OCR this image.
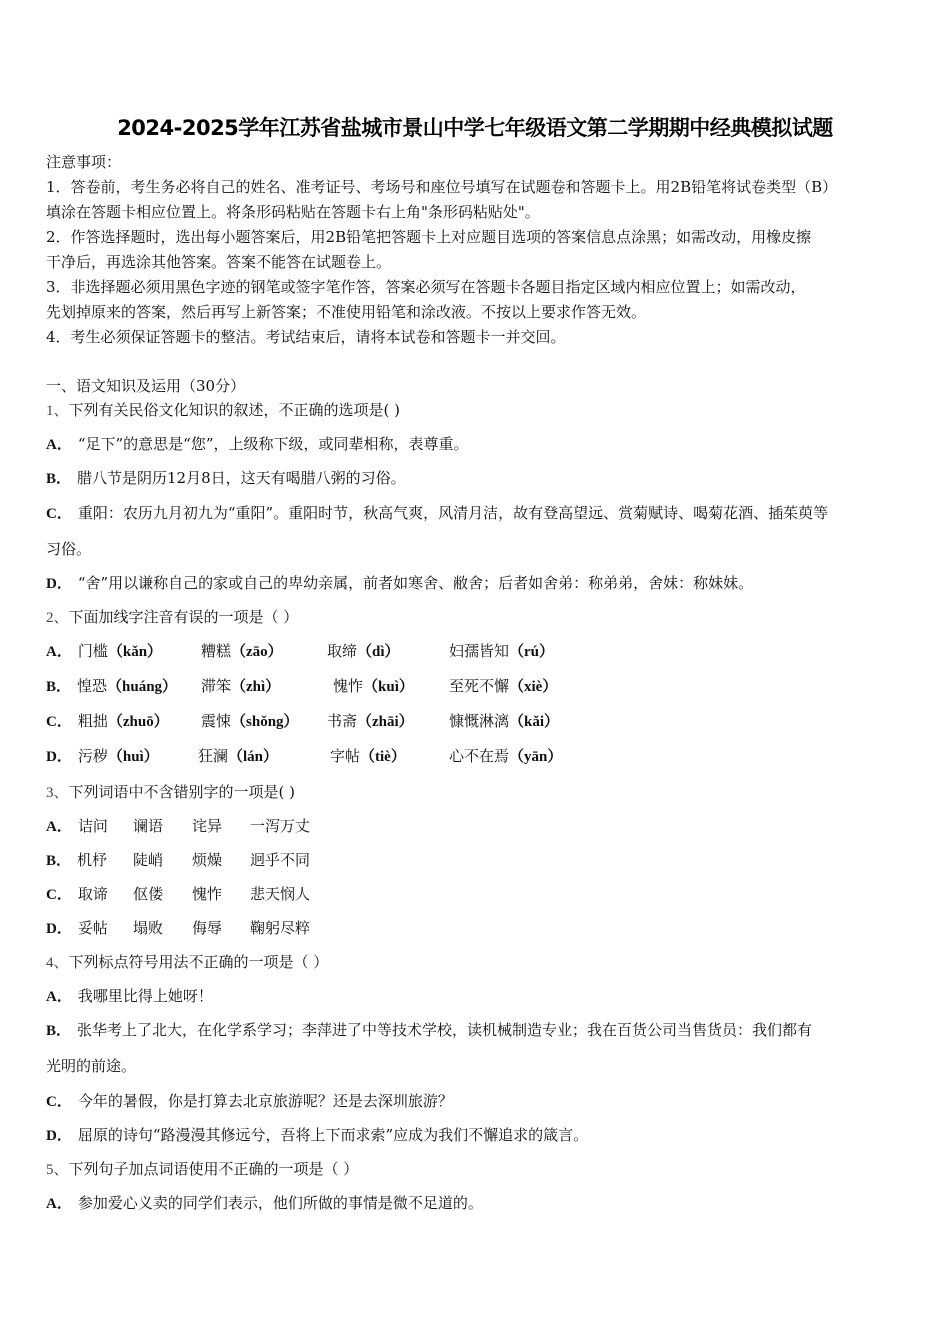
2024-2025学年江苏省盐城市景山中学七年级语文第二学期期中经典模拟试题
注意事项：
1．答卷前，考生务必将自己的姓名、准考证号、考场号和座位号填写在试题卷和答题卡上。用2B铅笔将试卷类型（B）
填涂在答题卡相应位置上。将条形码粘贴在答题卡右上角"条形码粘贴处"。
2．作答选择题时，选出每小题答案后，用2B铅笔把答题卡上对应题目选项的答案信息点涂黑；如需改动，用橡皮擦
干净后，再选涂其他答案。答案不能答在试题卷上。
3．非选择题必须用黑色字迹的钢笔或签字笔作答，答案必须写在答题卡各题目指定区域内相应位置上；如需改动，
先划掉原来的答案，然后再写上新答案；不准使用铅笔和涂改液。不按以上要求作答无效。
4．考生必须保证答题卡的整洁。考试结束后，请将本试卷和答题卡一并交回。
一、语文知识及运用（30分）
1、下列有关民俗文化知识的叙述，不正确的选项是( )
A． “足下”的意思是“您”，上级称下级，或同辈相称，表尊重。
B． 腊八节是阴历12月8日，这天有喝腊八粥的习俗。
C． 重阳：农历九月初九为“重阳”。重阳时节，秋高气爽，风清月洁，故有登高望远、赏菊赋诗、喝菊花酒、插茱萸等
习俗。
D． “舍”用以谦称自己的家或自己的卑幼亲属，前者如寒舍、敝舍；后者如舍弟：称弟弟，舍妹：称妹妹。
2、下面加线字注音有误的一项是（ ）
A． 门槛（kǎn）	糟糕（zāo）	取缔（dì）	妇孺皆知（rú）
B． 惶恐（huáng） 滞笨（zhì）	愧怍（kuì） 至死不懈（xiè）
C． 粗拙（zhuō） 震悚（shǒng） 书斋（zhāi） 慷慨淋漓（kǎi）
D． 污秽（huì）	狂澜（lán）	字帖（tiè）	心不在焉（yān）
3、下列词语中不含错别字的一项是( )
A． 诘问 谰语 诧异 一泻万丈
B． 机杼 陡峭 烦燥 迥乎不同
C． 取谛 伛偻 愧怍 悲天悯人
D． 妥帖 塌败 侮辱 鞠躬尽粹
4、下列标点符号用法不正确的一项是（ ）
A． 我哪里比得上她呀！
B． 张华考上了北大，在化学系学习；李萍进了中等技术学校，读机械制造专业；我在百货公司当售货员：我们都有
光明的前途。
C． 今年的暑假，你是打算去北京旅游呢？还是去深圳旅游？
D． 屈原的诗句“路漫漫其修远兮，吾将上下而求索”应成为我们不懈追求的箴言。
5、下列句子加点词语使用不正确的一项是（ ）
A． 参加爱心义卖的同学们表示，他们所做的事情是微不足道的。
